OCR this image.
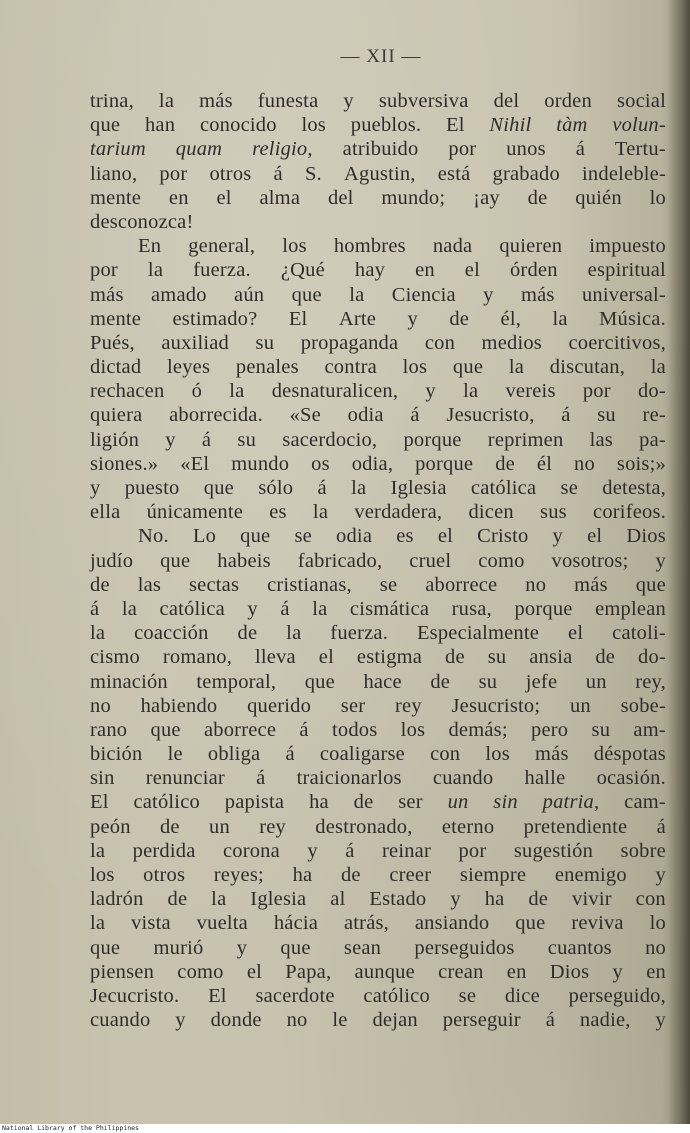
— XII —
trina, la más funesta y subversiva del orden social
que han conocido los pueblos. El Nihil tàm volun-
tarium quam religio, atribuido por unos á Tertu-
liano, por otros á S. Agustin, está grabado indeleble-
mente en el alma del mundo; ¡ay de quién lo
desconozca!
En general, los hombres nada quieren impuesto
por la fuerza. ¿Qué hay en el órden espiritual
más amado aún que la Ciencia y más universal-
mente estimado? El Arte y de él, la Música.
Pués, auxiliad su propaganda con medios coercitivos,
dictad leyes penales contra los que la discutan, la
rechacen ó la desnaturalicen, y la vereis por do-
quiera aborrecida. «Se odia á Jesucristo, á su re-
ligión y á su sacerdocio, porque reprimen las pa-
siones.» «El mundo os odia, porque de él no sois;»
y puesto que sólo á la Iglesia católica se detesta,
ella únicamente es la verdadera, dicen sus corifeos.
No. Lo que se odia es el Cristo y el Dios
judío que habeis fabricado, cruel como vosotros; y
de las sectas cristianas, se aborrece no más que
á la católica y á la cismática rusa, porque emplean
la coacción de la fuerza. Especialmente el catoli-
cismo romano, lleva el estigma de su ansia de do-
minación temporal, que hace de su jefe un rey,
no habiendo querido ser rey Jesucristo; un sobe-
rano que aborrece á todos los demás; pero su am-
bición le obliga á coaligarse con los más déspotas
sin renunciar á traicionarlos cuando halle ocasión.
El católico papista ha de ser un sin patria, cam-
peón de un rey destronado, eterno pretendiente á
la perdida corona y á reinar por sugestión sobre
los otros reyes; ha de creer siempre enemigo y
ladrón de la Iglesia al Estado y ha de vivir con
la vista vuelta hácia atrás, ansiando que reviva lo
que murió y que sean perseguidos cuantos no
piensen como el Papa, aunque crean en Dios y en
Jecucristo. El sacerdote católico se dice perseguido,
cuando y donde no le dejan perseguir á nadie, y
National Library of the Philippines
